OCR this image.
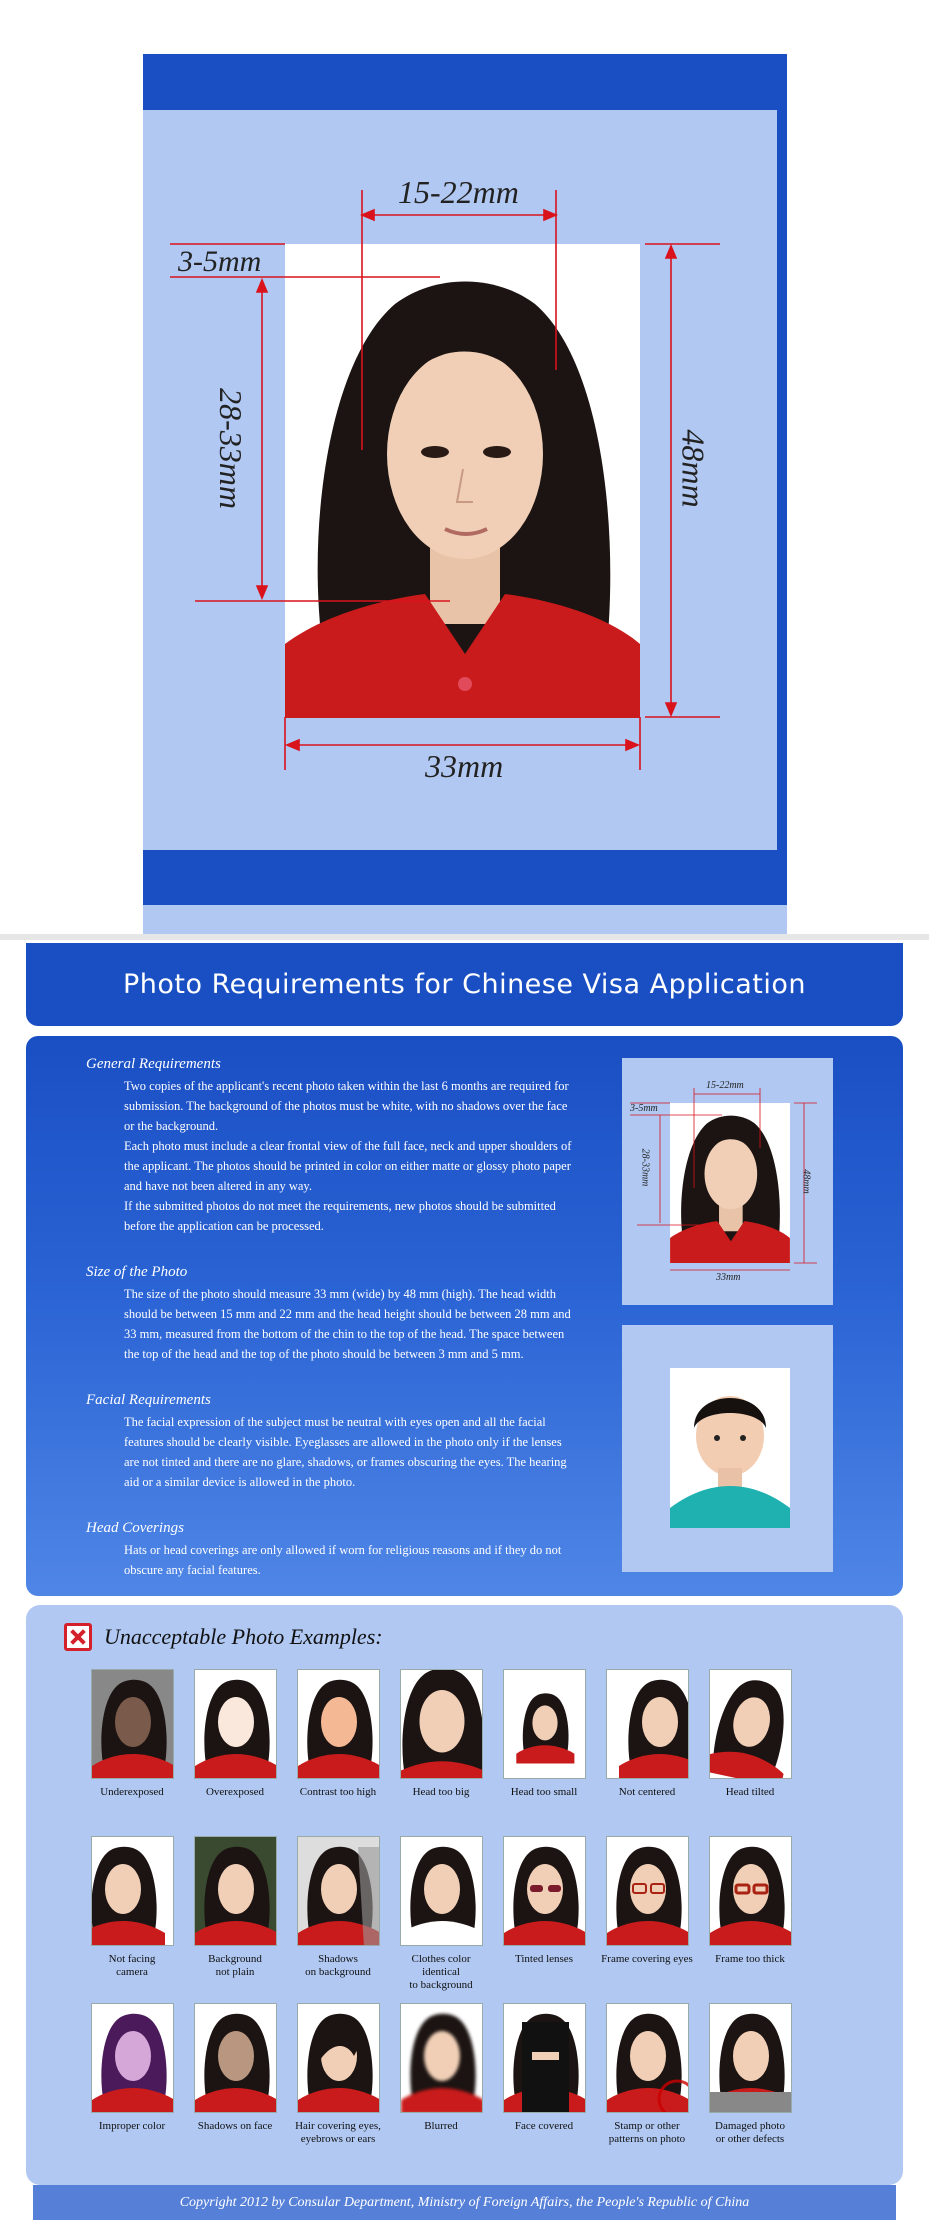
15-22mm
3-5mm
28-33mm	48mm
33mm
Photo Requirements for Chinese Visa Application
General Requirements
Two copies of the applicant's recent photo taken within the last 6 months are required for submission. The background of the photos must be white, with no shadows over the face or the background.
Each photo must include a clear frontal view of the full face, neck and upper shoulders of the applicant. The photos should be printed in color on either matte or glossy photo paper and have not been altered in any way.
If the submitted photos do not meet the requirements, new photos should be submitted before the application can be processed.
Size of the Photo
The size of the photo should measure 33 mm (wide) by 48 mm (high). The head width should be between 15 mm and 22 mm and the head height should be between 28 mm and 33 mm, measured from the bottom of the chin to the top of the head. The space between the top of the head and the top of the photo should be between 3 mm and 5 mm.
Facial Requirements
The facial expression of the subject must be neutral with eyes open and all the facial features should be clearly visible. Eyeglasses are allowed in the photo only if the lenses are not tinted and there are no glare, shadows, or frames obscuring the eyes. The hearing aid or a similar device is allowed in the photo.
Head Coverings
Hats or head coverings are only allowed if worn for religious reasons and if they do not obscure any facial features.
15-22mm
3-5mm
28-33mm	48mm
33mm
Unacceptable Photo Examples:
Underexposed	Overexposed	Contrast too high	Head too big	Head too small	Not centered	Head tilted
Not facing
camera
Background
not plain
Shadows
on background
Clothes color
identical
to background
Tinted lenses	Frame covering eyes	Frame too thick
Improper color	Shadows on face	Hair covering eyes,
eyebrows or ears
Blurred	Face covered	Stamp or other
patterns on photo
Damaged photo
or other defects
Copyright 2012 by Consular Department, Ministry of Foreign Affairs, the People's Republic of China
